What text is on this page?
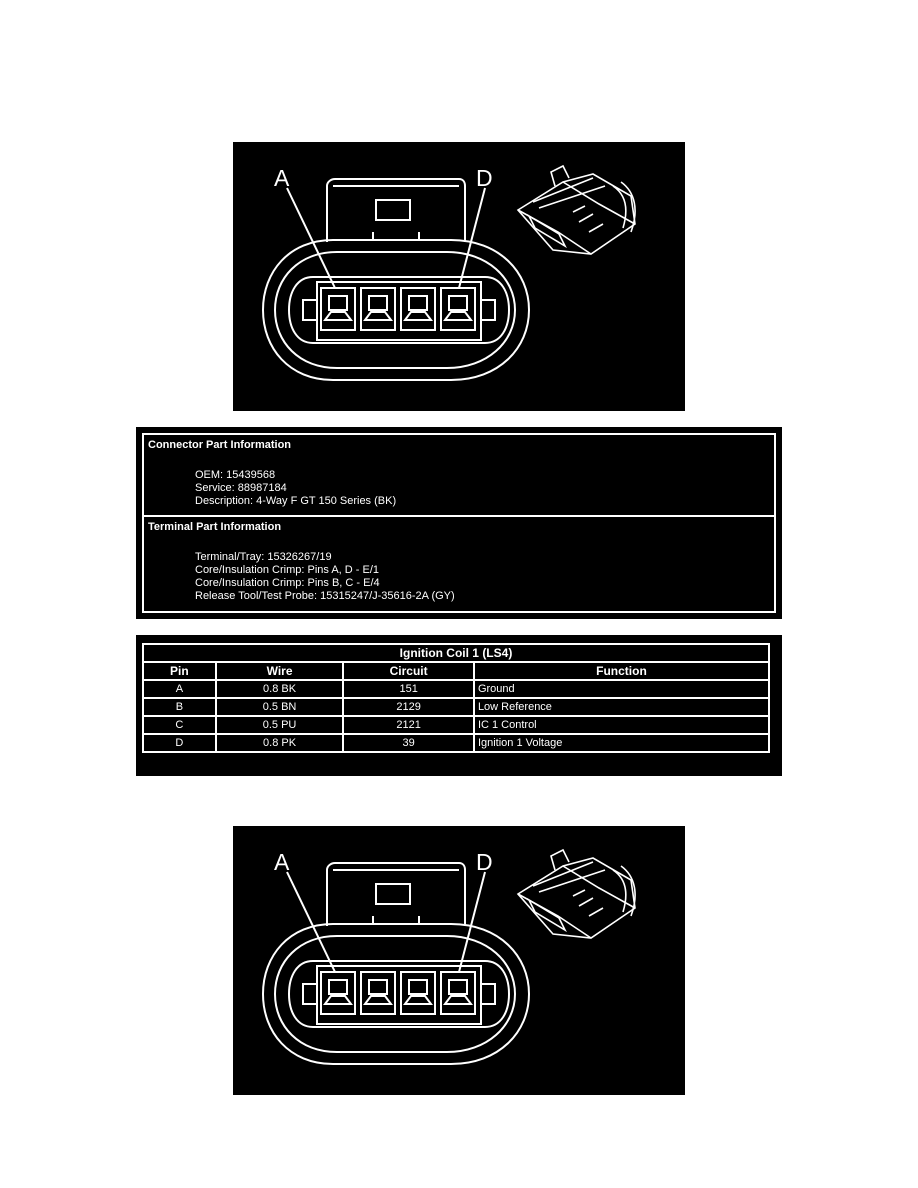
A	D
Connector Part Information
OEM: 15439568
Service: 88987184
Description: 4-Way F GT 150 Series (BK)
Terminal Part Information
Terminal/Tray: 15326267/19
Core/Insulation Crimp: Pins A, D - E/1
Core/Insulation Crimp: Pins B, C - E/4
Release Tool/Test Probe: 15315247/J-35616-2A (GY)
Ignition Coil 1 (LS4)			
Pin	Wire	Circuit	Function
A	0.8 BK	151	Ground
B	0.5 BN	2129	Low Reference
C	0.5 PU	2121	IC 1 Control
D	0.8 PK	39	Ignition 1 Voltage
A	D
